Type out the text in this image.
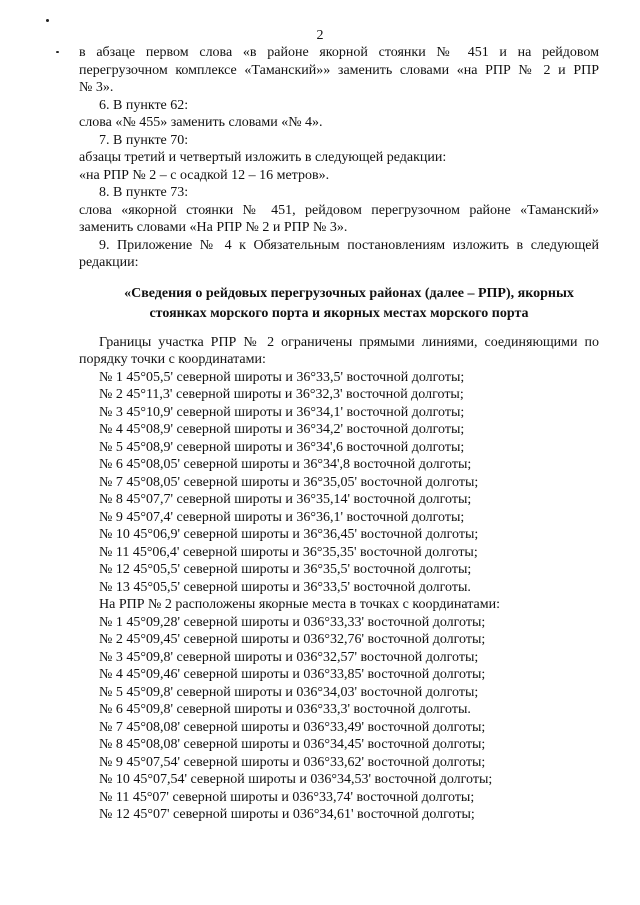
2
в абзаце первом слова «в районе якорной стоянки № 451 и на рейдовом
перегрузочном комплексе «Таманский»» заменить словами «на РПР № 2 и РПР
№ 3».
6. В пункте 62:
слова «№ 455» заменить словами «№ 4».
7. В пункте 70:
абзацы третий и четвертый изложить в следующей редакции:
«на РПР № 2 – с осадкой 12 – 16 метров».
8. В пункте 73:
слова «якорной стоянки № 451, рейдовом перегрузочном районе «Таманский»
заменить словами «На РПР № 2 и РПР № 3».
9. Приложение № 4 к Обязательным постановлениям изложить в следующей
редакции:
«Сведения о рейдовых перегрузочных районах (далее – РПР), якорных
стоянках морского порта и якорных местах морского порта
Границы участка РПР № 2 ограничены прямыми линиями, соединяющими по
порядку точки с координатами:
№ 1 45°05,5' северной широты и 36°33,5' восточной долготы;
№ 2 45°11,3' северной широты и 36°32,3' восточной долготы;
№ 3 45°10,9' северной широты и 36°34,1' восточной долготы;
№ 4 45°08,9' северной широты и 36°34,2' восточной долготы;
№ 5 45°08,9' северной широты и 36°34',6 восточной долготы;
№ 6 45°08,05' северной широты и 36°34',8 восточной долготы;
№ 7 45°08,05' северной широты и 36°35,05' восточной долготы;
№ 8 45°07,7' северной широты и 36°35,14' восточной долготы;
№ 9 45°07,4' северной широты и 36°36,1' восточной долготы;
№ 10 45°06,9' северной широты и 36°36,45' восточной долготы;
№ 11 45°06,4' северной широты и 36°35,35' восточной долготы;
№ 12 45°05,5' северной широты и 36°35,5' восточной долготы;
№ 13 45°05,5' северной широты и 36°33,5' восточной долготы.
На РПР № 2 расположены якорные места в точках с координатами:
№ 1 45°09,28' северной широты и 036°33,33' восточной долготы;
№ 2 45°09,45' северной широты и 036°32,76' восточной долготы;
№ 3 45°09,8' северной широты и 036°32,57' восточной долготы;
№ 4 45°09,46' северной широты и 036°33,85' восточной долготы;
№ 5 45°09,8' северной широты и 036°34,03' восточной долготы;
№ 6 45°09,8' северной широты и 036°33,3' восточной долготы.
№ 7 45°08,08' северной широты и 036°33,49' восточной долготы;
№ 8 45°08,08' северной широты и 036°34,45' восточной долготы;
№ 9 45°07,54' северной широты и 036°33,62' восточной долготы;
№ 10 45°07,54' северной широты и 036°34,53' восточной долготы;
№ 11 45°07' северной широты и 036°33,74' восточной долготы;
№ 12 45°07' северной широты и 036°34,61' восточной долготы;
